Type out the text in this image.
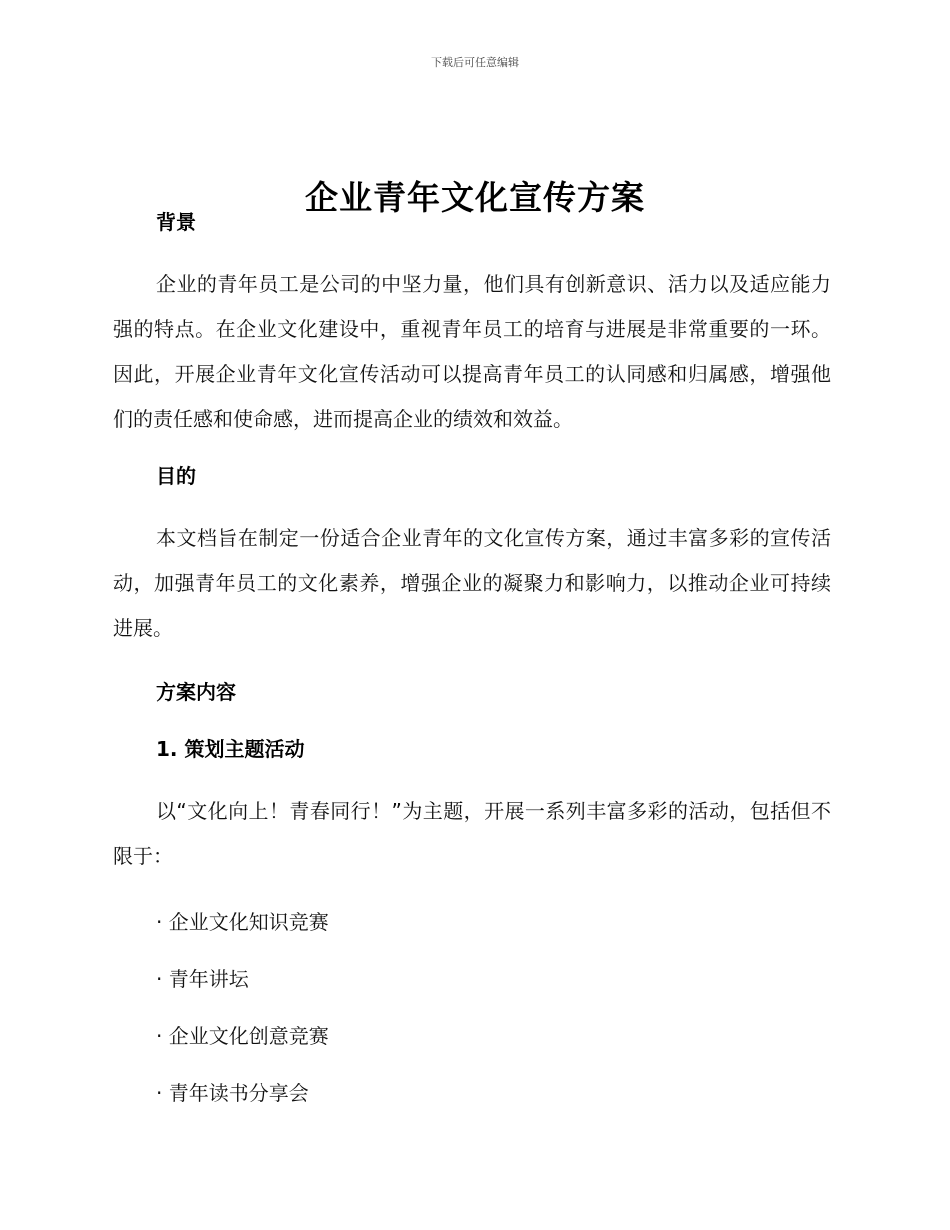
下载后可任意编辑
企业青年文化宣传方案
背景

企业的青年员工是公司的中坚力量，他们具有创新意识、活力以及适应能力强的特点。在企业文化建设中，重视青年员工的培育与进展是非常重要的一环。因此，开展企业青年文化宣传活动可以提高青年员工的认同感和归属感，增强他们的责任感和使命感，进而提高企业的绩效和效益。

目的

本文档旨在制定一份适合企业青年的文化宣传方案，通过丰富多彩的宣传活动，加强青年员工的文化素养，增强企业的凝聚力和影响力，以推动企业可持续进展。

方案内容
1. 策划主题活动

以“文化向上！青春同行！”为主题，开展一系列丰富多彩的活动，包括但不限于：

· 企业文化知识竞赛

· 青年讲坛

· 企业文化创意竞赛

· 青年读书分享会
